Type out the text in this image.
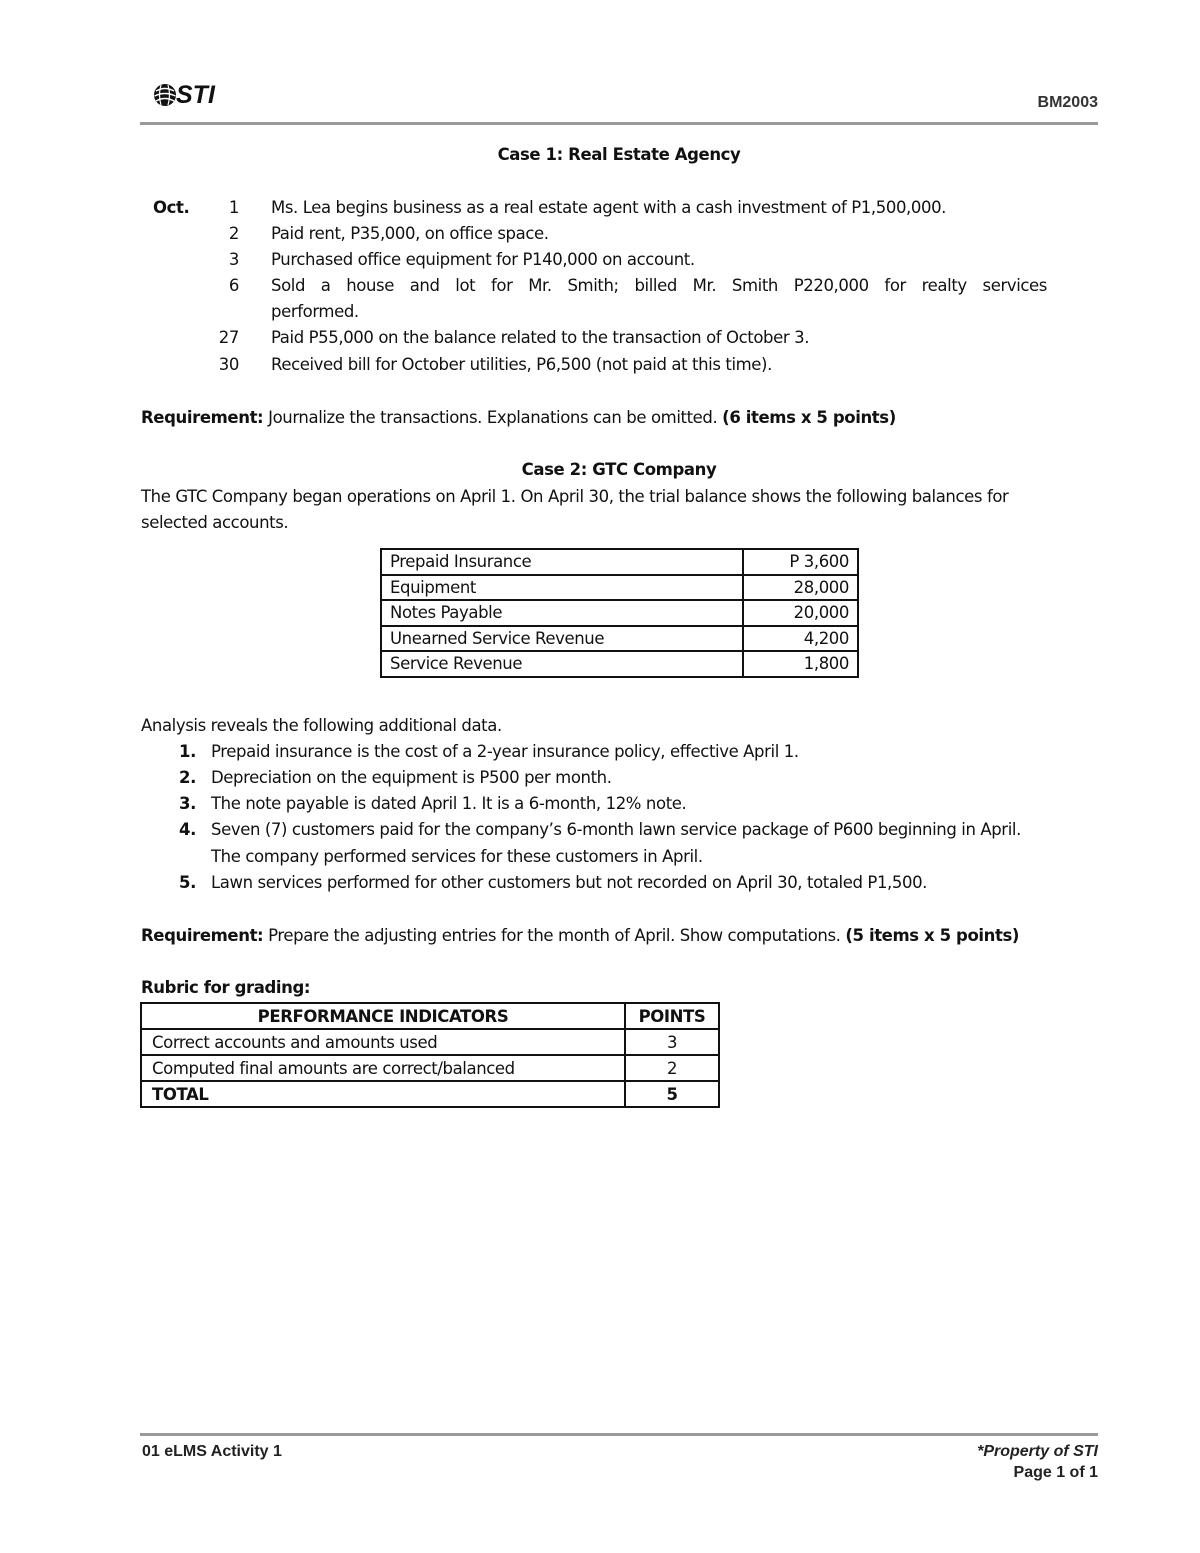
STI	BM2003
Case 1: Real Estate Agency
Oct.	1 Ms. Lea begins business as a real estate agent with a cash investment of P1,500,000.
2 Paid rent, P35,000, on office space.
3 Purchased office equipment for P140,000 on account.
6 Sold a house and lot for Mr. Smith; billed Mr. Smith P220,000 for realty services
performed.
27 Paid P55,000 on the balance related to the transaction of October 3.
30 Received bill for October utilities, P6,500 (not paid at this time).
Requirement: Journalize the transactions. Explanations can be omitted. (6 items x 5 points)
Case 2: GTC Company
The GTC Company began operations on April 1. On April 30, the trial balance shows the following balances for
selected accounts.
Prepaid Insurance	P 3,600
Equipment	28,000
Notes Payable	20,000
Unearned Service Revenue	4,200
Service Revenue	1,800
Analysis reveals the following additional data.
1. Prepaid insurance is the cost of a 2-year insurance policy, effective April 1.
2. Depreciation on the equipment is P500 per month.
3. The note payable is dated April 1. It is a 6-month, 12% note.
4. Seven (7) customers paid for the company’s 6-month lawn service package of P600 beginning in April.
The company performed services for these customers in April.
5. Lawn services performed for other customers but not recorded on April 30, totaled P1,500.
Requirement: Prepare the adjusting entries for the month of April. Show computations. (5 items x 5 points)
Rubric for grading:
PERFORMANCE INDICATORS	POINTS
Correct accounts and amounts used	3
Computed final amounts are correct/balanced	2
TOTAL	5
01 eLMS Activity 1	*Property of STI
Page 1 of 1
